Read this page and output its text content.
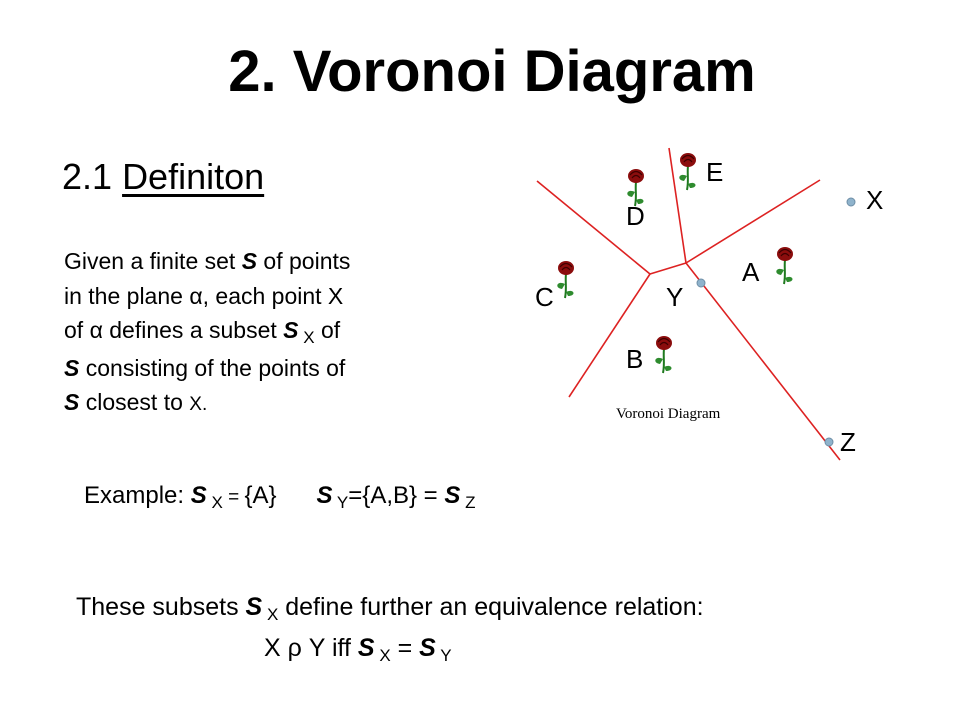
2. Voronoi Diagram
2.1 Definiton
Given a finite set S of points
in the plane α, each point X
of α defines a subset S $_X$ of
S consisting of the points of
S closest to X.
Example: S $_X$ = {A} S $_Y$={A,B} = S $_Z$
These subsets S $_X$ define further an equivalence relation:
X ρ Y iff S $_X$ = S $_Y$
E
D
A
C
B
X
Y
Z
Voronoi Diagram
